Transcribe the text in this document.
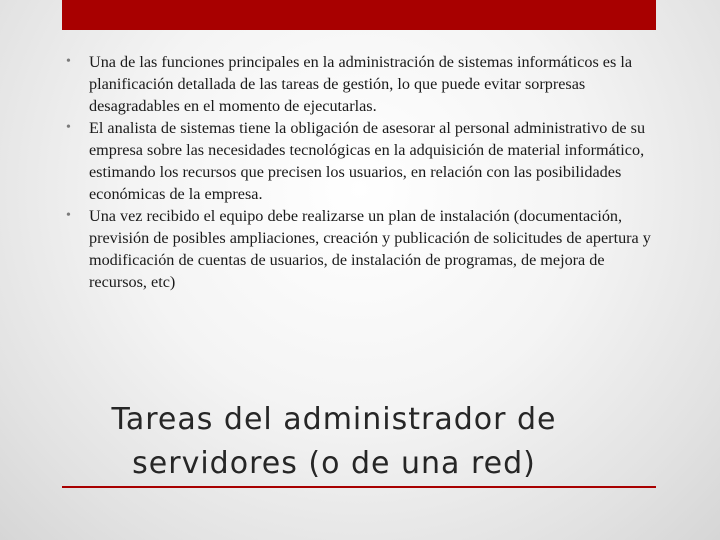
•	Una de las funciones principales en la administración de sistemas informáticos es la planificación detallada de las tareas de gestión, lo que puede evitar sorpresas desagradables en el momento de ejecutarlas.
•	El analista de sistemas tiene la obligación de asesorar al personal administrativo de su empresa sobre las necesidades tecnológicas en la adquisición de material informático, estimando los recursos que precisen los usuarios, en relación con las posibilidades económicas de la empresa.
•	Una vez recibido el equipo debe realizarse un plan de instalación (documentación, previsión de posibles ampliaciones, creación y publicación de solicitudes de apertura y modificación de cuentas de usuarios, de instalación de programas, de mejora de recursos, etc)
Tareas del administrador de servidores (o de una red)
